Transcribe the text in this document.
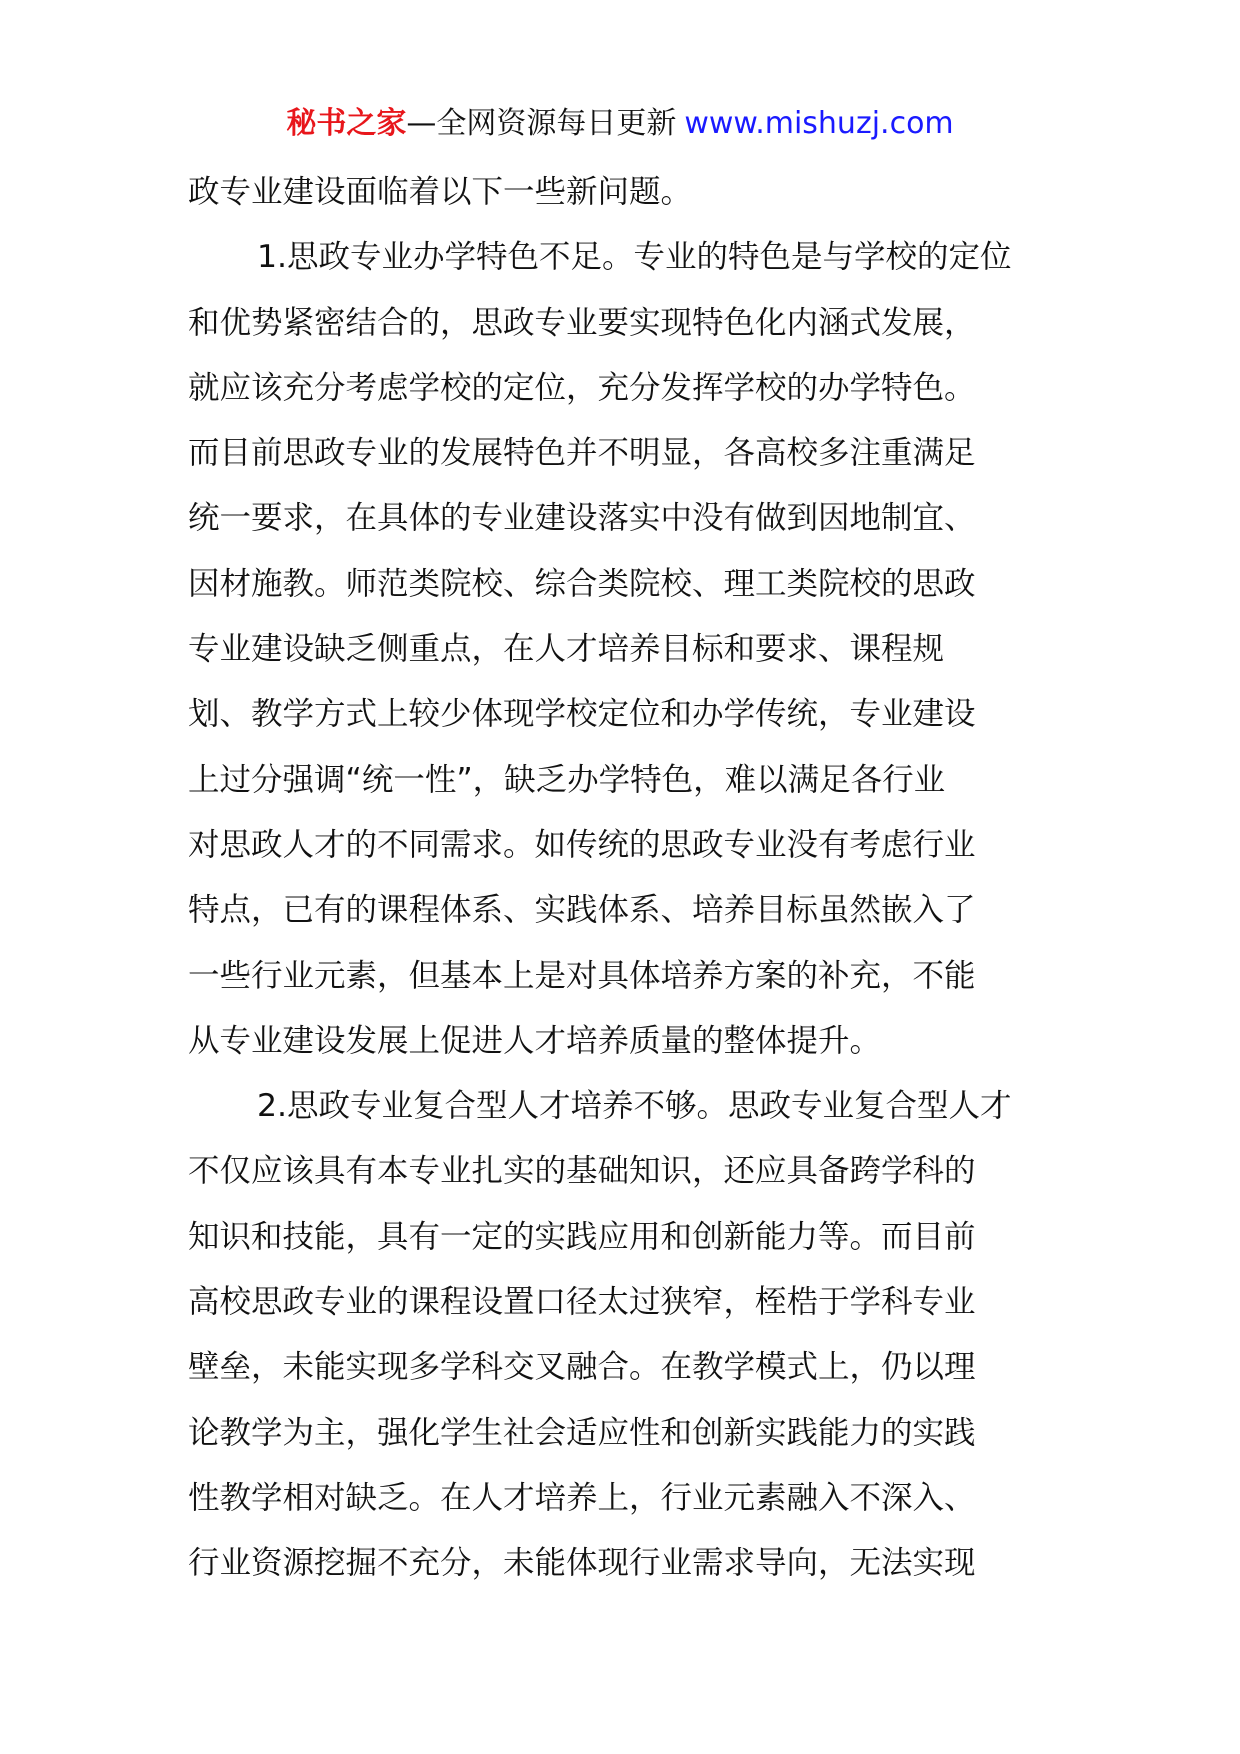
秘书之家—全网资源每日更新 www.mishuzj.com

政专业建设面临着以下一些新问题。

1.思政专业办学特色不足。专业的特色是与学校的定位
和优势紧密结合的，思政专业要实现特色化内涵式发展，
就应该充分考虑学校的定位，充分发挥学校的办学特色。
而目前思政专业的发展特色并不明显，各高校多注重满足
统一要求，在具体的专业建设落实中没有做到因地制宜、
因材施教。师范类院校、综合类院校、理工类院校的思政
专业建设缺乏侧重点，在人才培养目标和要求、课程规
划、教学方式上较少体现学校定位和办学传统，专业建设
上过分强调“统一性”，缺乏办学特色，难以满足各行业
对思政人才的不同需求。如传统的思政专业没有考虑行业
特点，已有的课程体系、实践体系、培养目标虽然嵌入了
一些行业元素，但基本上是对具体培养方案的补充，不能
从专业建设发展上促进人才培养质量的整体提升。

2.思政专业复合型人才培养不够。思政专业复合型人才
不仅应该具有本专业扎实的基础知识，还应具备跨学科的
知识和技能，具有一定的实践应用和创新能力等。而目前
高校思政专业的课程设置口径太过狭窄，桎梏于学科专业
壁垒，未能实现多学科交叉融合。在教学模式上，仍以理
论教学为主，强化学生社会适应性和创新实践能力的实践
性教学相对缺乏。在人才培养上，行业元素融入不深入、
行业资源挖掘不充分，未能体现行业需求导向，无法实现
